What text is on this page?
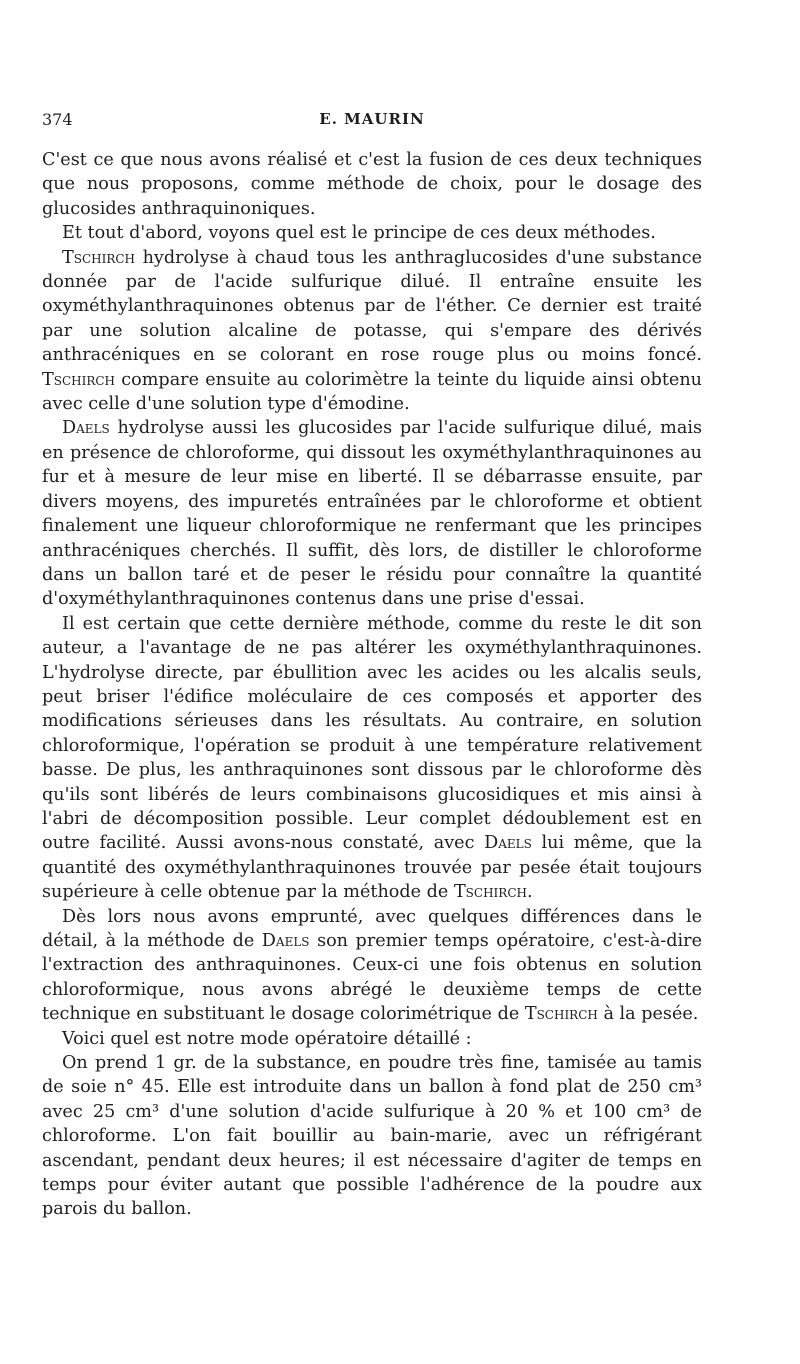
374	E. MAURIN

C'est ce que nous avons réalisé et c'est la fusion de ces deux techniques que nous proposons, comme méthode de choix, pour le dosage des glucosides anthraquinoniques.

Et tout d'abord, voyons quel est le principe de ces deux méthodes.

Tschirch hydrolyse à chaud tous les anthraglucosides d'une substance donnée par de l'acide sulfurique dilué. Il entraîne ensuite les oxyméthylanthraquinones obtenus par de l'éther. Ce dernier est traité par une solution alcaline de potasse, qui s'empare des dérivés anthracéniques en se colorant en rose rouge plus ou moins foncé. Tschirch compare ensuite au colorimètre la teinte du liquide ainsi obtenu avec celle d'une solution type d'émodine.

Daels hydrolyse aussi les glucosides par l'acide sulfurique dilué, mais en présence de chloroforme, qui dissout les oxyméthylanthraquinones au fur et à mesure de leur mise en liberté. Il se débarrasse ensuite, par divers moyens, des impuretés entraînées par le chloroforme et obtient finalement une liqueur chloroformique ne renfermant que les principes anthracéniques cherchés. Il suffit, dès lors, de distiller le chloroforme dans un ballon taré et de peser le résidu pour connaître la quantité d'oxyméthylanthraquinones contenus dans une prise d'essai.

Il est certain que cette dernière méthode, comme du reste le dit son auteur, a l'avantage de ne pas altérer les oxyméthylanthraquinones. L'hydrolyse directe, par ébullition avec les acides ou les alcalis seuls, peut briser l'édifice moléculaire de ces composés et apporter des modifications sérieuses dans les résultats. Au contraire, en solution chloroformique, l'opération se produit à une température relativement basse. De plus, les anthraquinones sont dissous par le chloroforme dès qu'ils sont libérés de leurs combinaisons glucosidiques et mis ainsi à l'abri de décomposition possible. Leur complet dédoublement est en outre facilité. Aussi avons-nous constaté, avec Daels lui même, que la quantité des oxyméthylanthraquinones trouvée par pesée était toujours supérieure à celle obtenue par la méthode de Tschirch.

Dès lors nous avons emprunté, avec quelques différences dans le détail, à la méthode de Daels son premier temps opératoire, c'est-à-dire l'extraction des anthraquinones. Ceux-ci une fois obtenus en solution chloroformique, nous avons abrégé le deuxième temps de cette technique en substituant le dosage colorimétrique de Tschirch à la pesée.

Voici quel est notre mode opératoire détaillé :

On prend 1 gr. de la substance, en poudre très fine, tamisée au tamis de soie n° 45. Elle est introduite dans un ballon à fond plat de 250 cm³ avec 25 cm³ d'une solution d'acide sulfurique à 20 % et 100 cm³ de chloroforme. L'on fait bouillir au bain-marie, avec un réfrigérant ascendant, pendant deux heures; il est nécessaire d'agiter de temps en temps pour éviter autant que possible l'adhérence de la poudre aux parois du ballon.
